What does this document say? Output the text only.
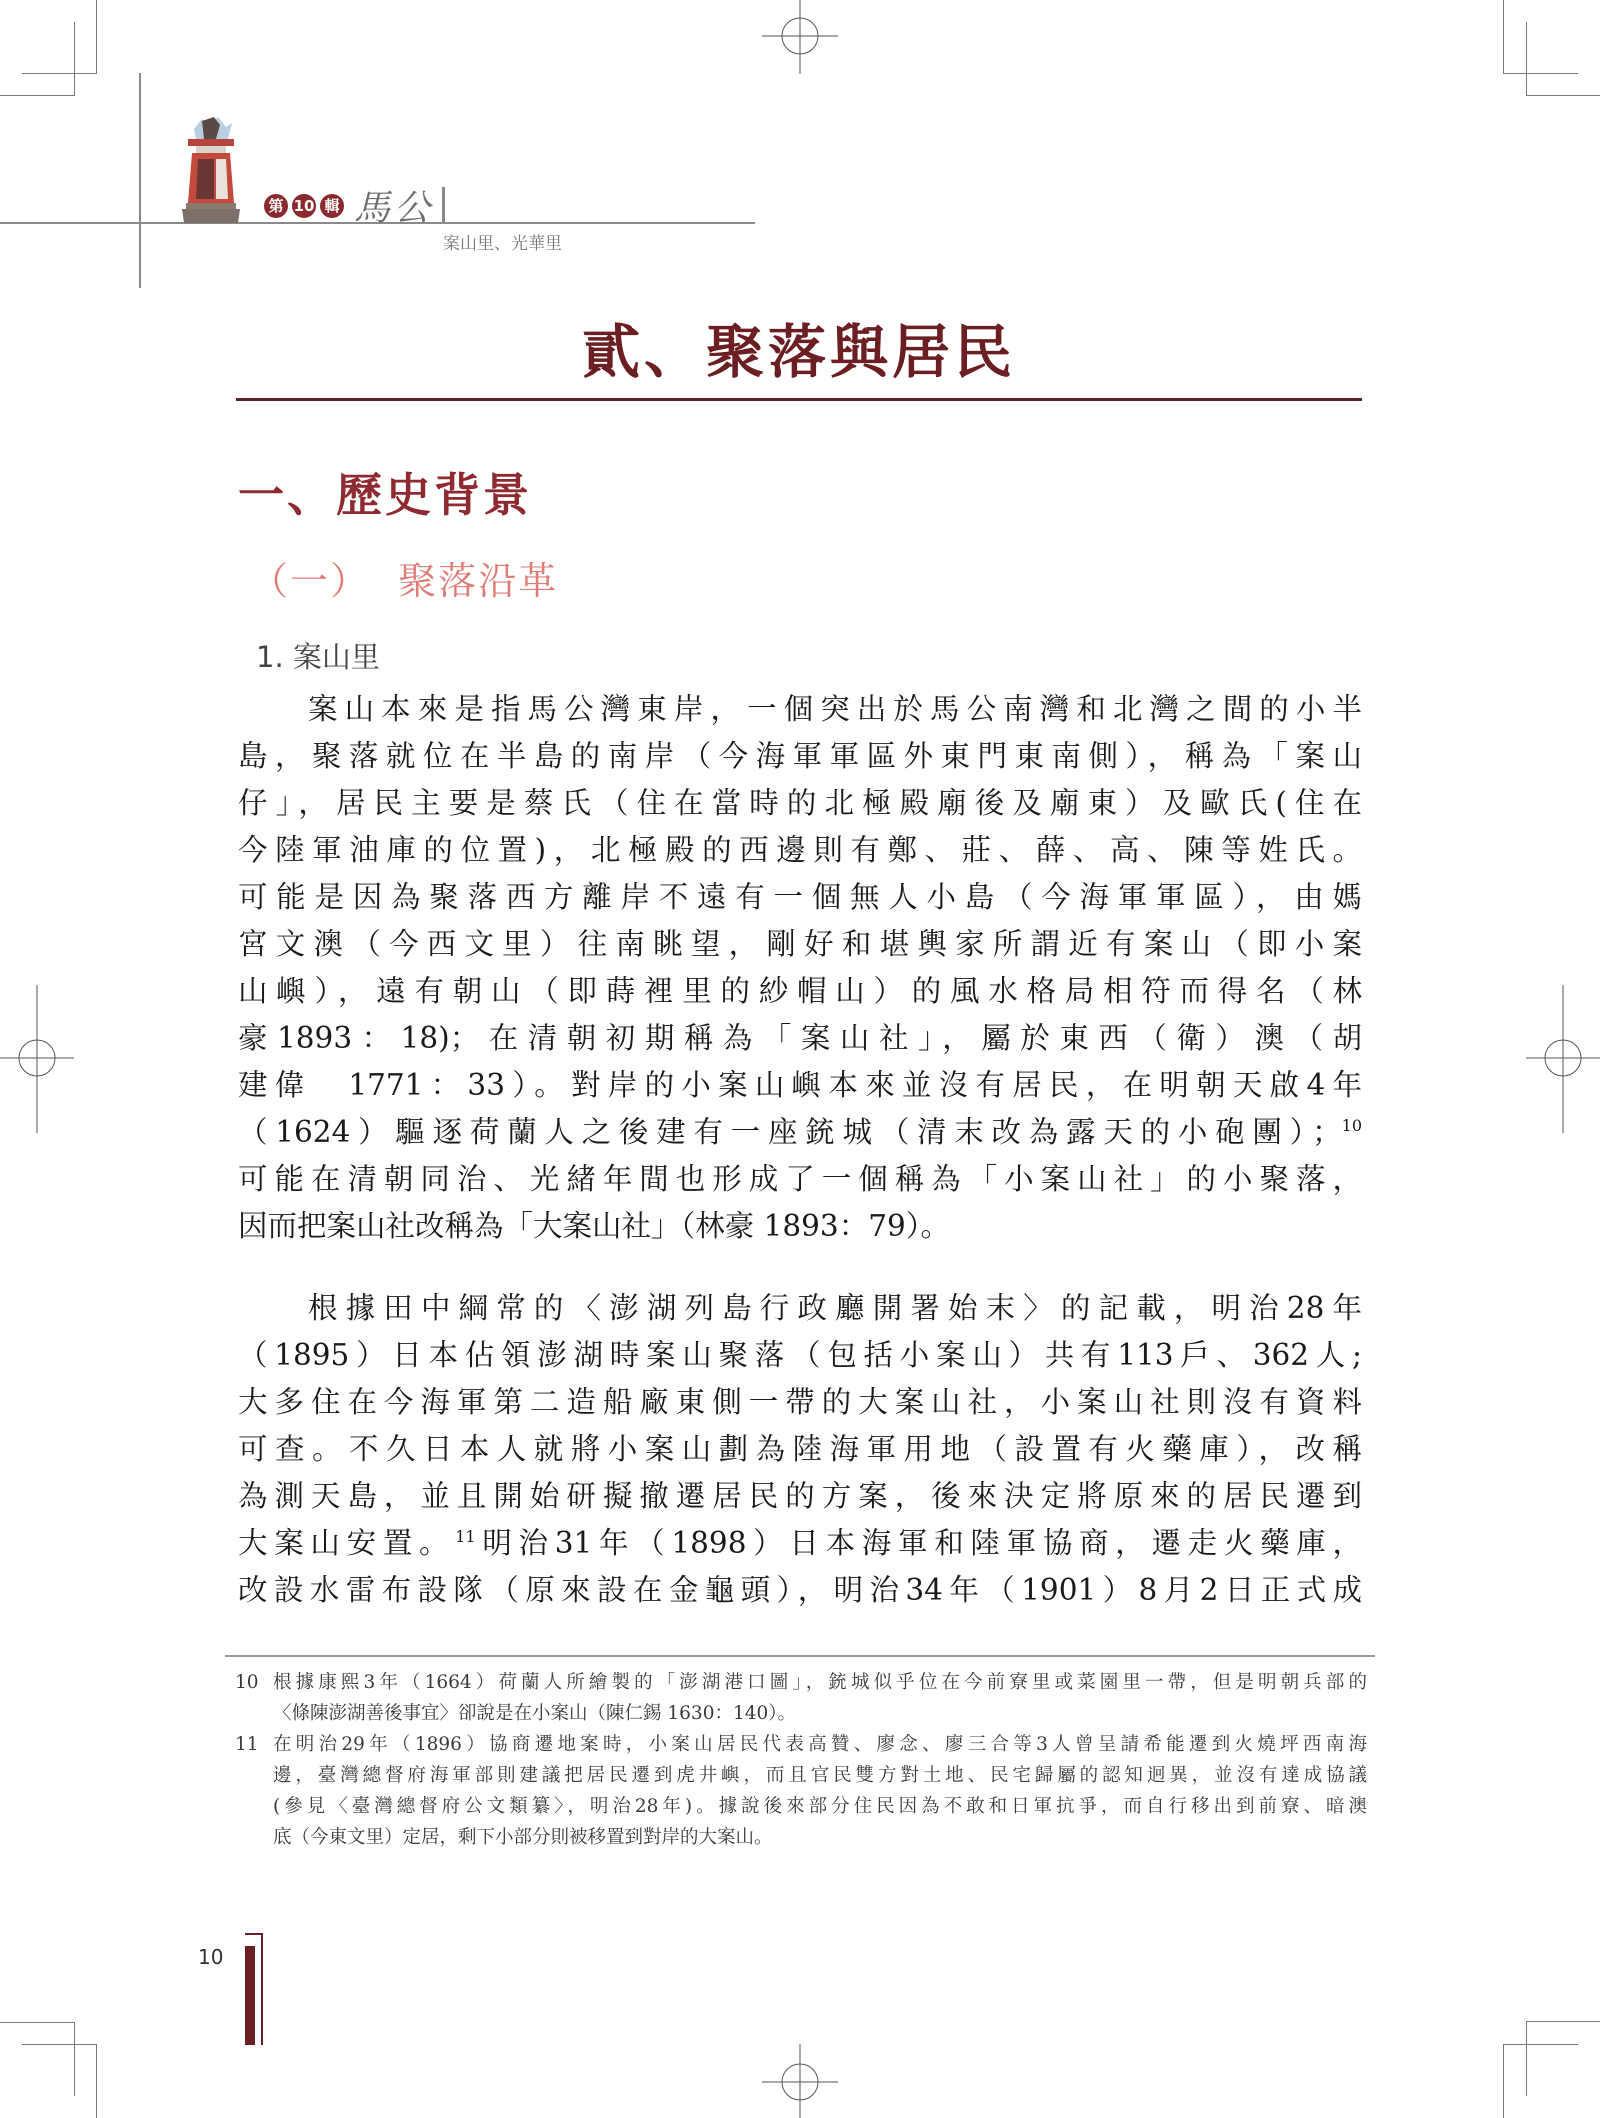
第 10 輯 馬公
案山里、光華里
貳、聚落與居民
一、歷史背景
（一） 聚落沿革
1. 案山里
案山本來是指馬公灣東岸，一個突出於馬公南灣和北灣之間的小半
島，聚落就位在半島的南岸（今海軍軍區外東門東南側），稱為「案山
仔」，居民主要是蔡氏（住在當時的北極殿廟後及廟東）及歐氏(住在
今陸軍油庫的位置)，北極殿的西邊則有鄭、莊、薛、高、陳等姓氏。
可能是因為聚落西方離岸不遠有一個無人小島（今海軍軍區），由媽
宮文澳（今西文里）往南眺望，剛好和堪輿家所謂近有案山（即小案
山嶼），遠有朝山（即蒔裡里的紗帽山）的風水格局相符而得名（林
豪1893：18)；在清朝初期稱為「案山社」，屬於東西（衛）澳（胡
建偉　1771：33）。對岸的小案山嶼本來並沒有居民，在明朝天啟4年
（1624）驅逐荷蘭人之後建有一座銃城（清末改為露天的小砲團）；$^{10}$
可能在清朝同治、光緒年間也形成了一個稱為「小案山社」的小聚落，
因而把案山社改稱為「大案山社」（林豪 1893：79）。
根據田中綱常的〈澎湖列島行政廳開署始末〉的記載，明治28年
（1895）日本佔領澎湖時案山聚落（包括小案山）共有113戶、362人;
大多住在今海軍第二造船廠東側一帶的大案山社，小案山社則沒有資料
可查。不久日本人就將小案山劃為陸海軍用地（設置有火藥庫），改稱
為測天島，並且開始研擬撤遷居民的方案，後來決定將原來的居民遷到
大案山安置。$^{11}$明治31年（1898）日本海軍和陸軍協商，遷走火藥庫，
改設水雷布設隊（原來設在金龜頭），明治34年（1901）8月2日正式成
10 根據康熙3年（1664）荷蘭人所繪製的「澎湖港口圖」，銃城似乎位在今前寮里或菜園里一帶，但是明朝兵部的
〈條陳澎湖善後事宜〉卻說是在小案山（陳仁錫 1630：140）。
11 在明治29年（1896）協商遷地案時，小案山居民代表高贊、廖念、廖三合等3人曾呈請希能遷到火燒坪西南海
邊，臺灣總督府海軍部則建議把居民遷到虎井嶼，而且官民雙方對土地、民宅歸屬的認知迥異，並沒有達成協議
(參見〈臺灣總督府公文類纂〉，明治28年)。據說後來部分住民因為不敢和日軍抗爭，而自行移出到前寮、暗澳
底（今東文里）定居，剩下小部分則被移置到對岸的大案山。
10
